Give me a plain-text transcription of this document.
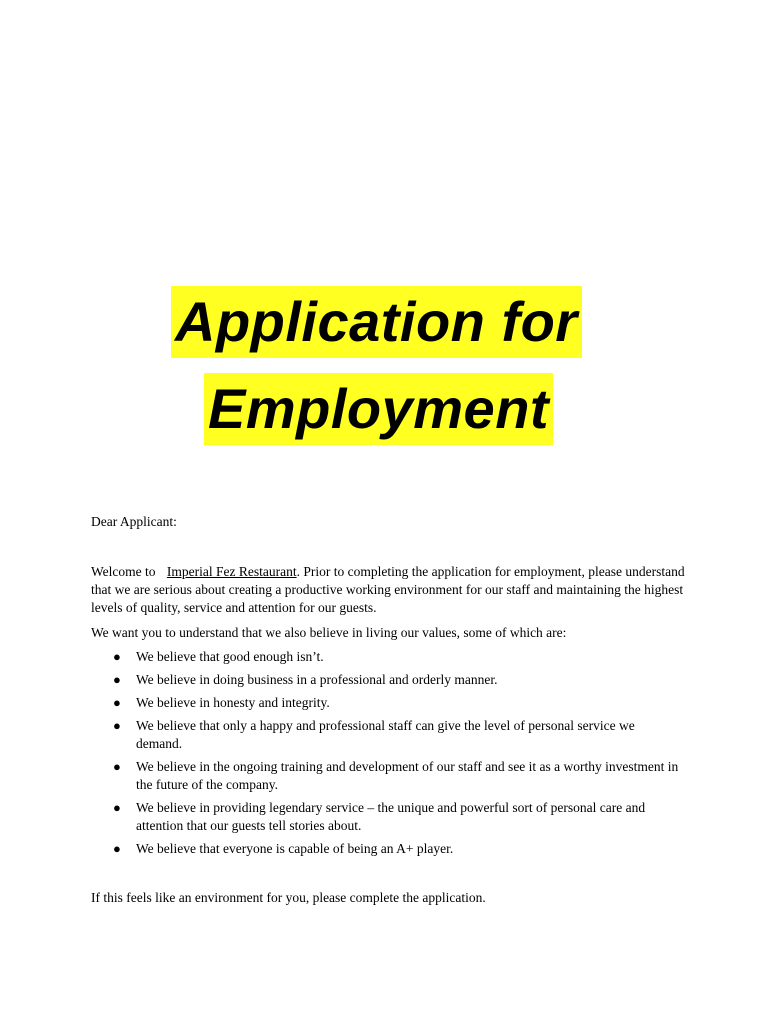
Application for
Employment
Dear Applicant:
Welcome to Imperial Fez Restaurant. Prior to completing the application for employment, please understand that we are serious about creating a productive working environment for our staff and maintaining the highest levels of quality, service and attention for our guests.
We want you to understand that we also believe in living our values, some of which are:
● We believe that good enough isn’t.
● We believe in doing business in a professional and orderly manner.
● We believe in honesty and integrity.
● We believe that only a happy and professional staff can give the level of personal service we demand.
● We believe in the ongoing training and development of our staff and see it as a worthy investment in the future of the company.
● We believe in providing legendary service – the unique and powerful sort of personal care and attention that our guests tell stories about.
● We believe that everyone is capable of being an A+ player.
If this feels like an environment for you, please complete the application.
